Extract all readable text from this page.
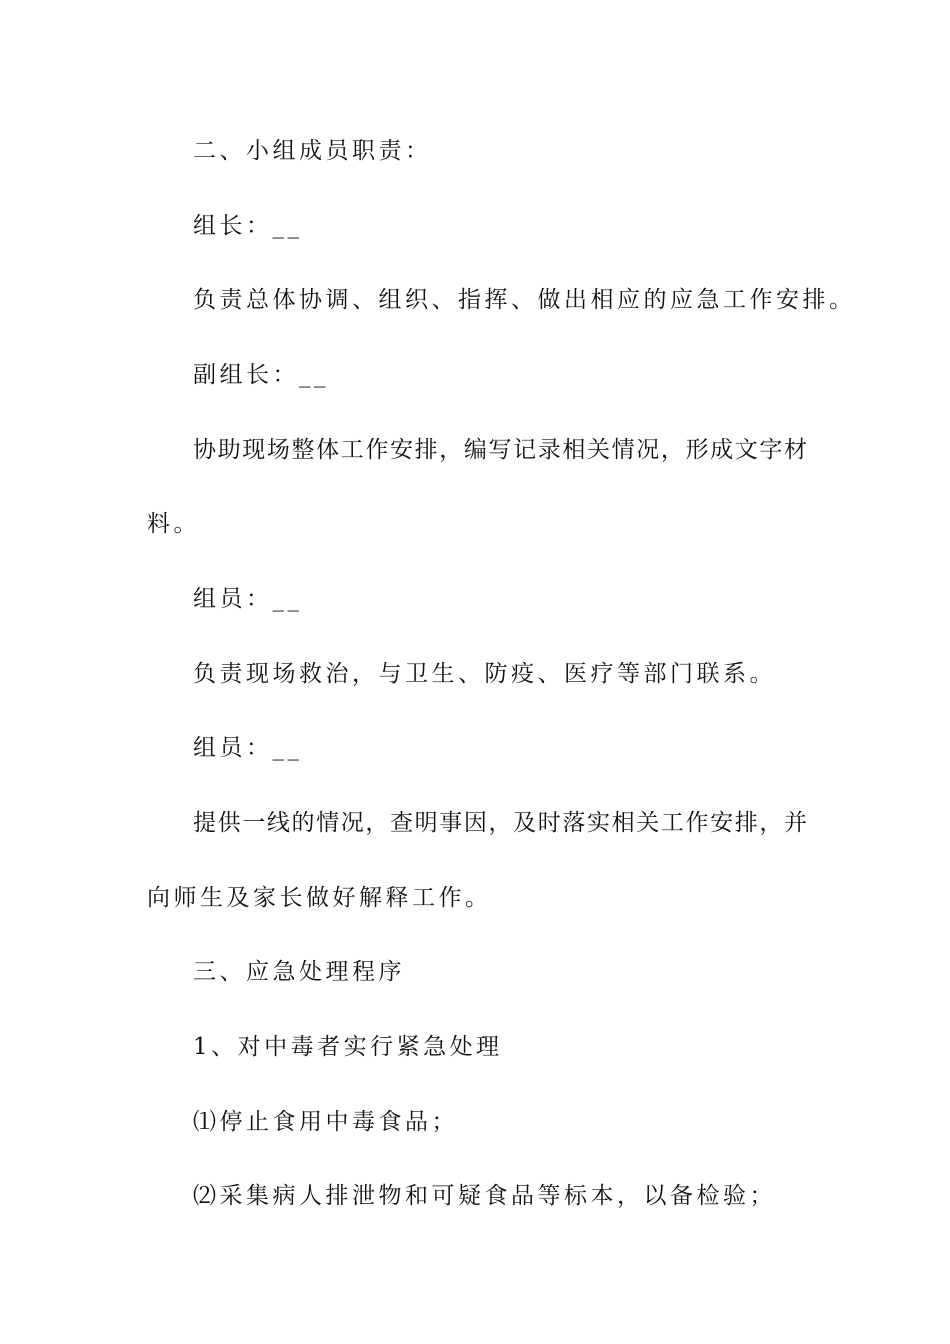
二、小组成员职责：
组长：__
负责总体协调、组织、指挥、做出相应的应急工作安排。
副组长：__
协助现场整体工作安排，编写记录相关情况，形成文字材
料。
组员：__
负责现场救治，与卫生、防疫、医疗等部门联系。
组员：__
提供一线的情况，查明事因，及时落实相关工作安排，并
向师生及家长做好解释工作。
三、应急处理程序
1、对中毒者实行紧急处理
⑴停止食用中毒食品；
⑵采集病人排泄物和可疑食品等标本，以备检验；
